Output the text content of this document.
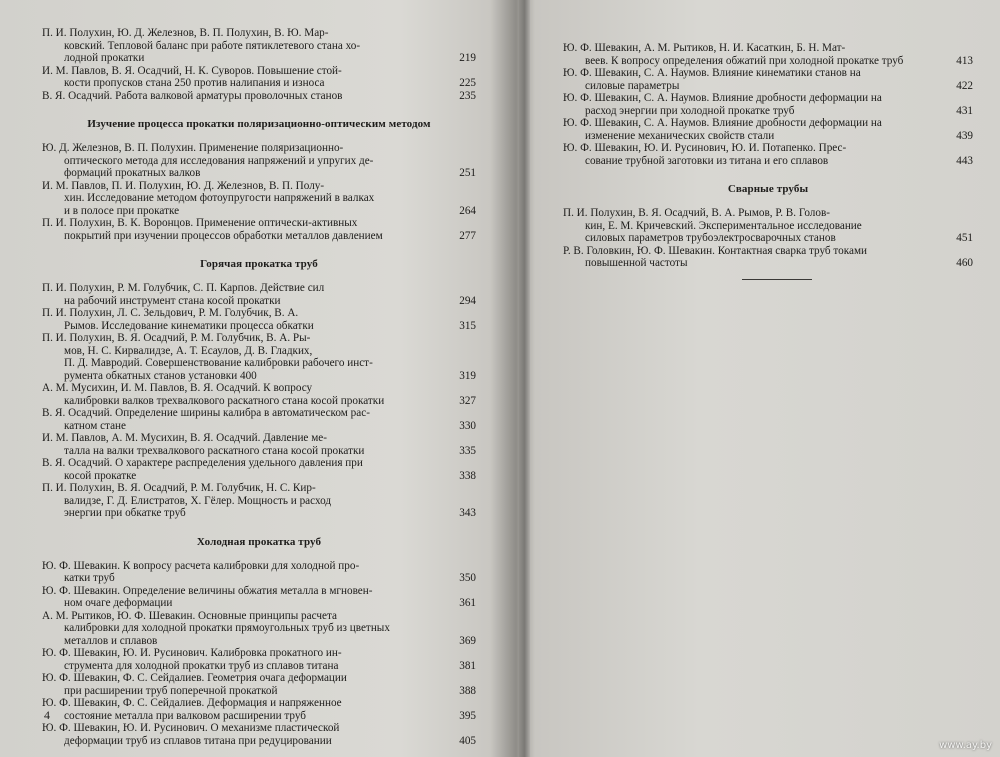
П. И. Полухин, Ю. Д. Железнов, В. П. Полухин, В. Ю. Мар-
ковский. Тепловой баланс при работе пятиклетевого стана хо-
лодной прокатки	219
И. М. Павлов, В. Я. Осадчий, Н. К. Суворов. Повышение стой-
кости пропусков стана 250 против налипания и износа	225
В. Я. Осадчий. Работа валковой арматуры проволочных станов	235
Изучение процесса прокатки поляризационно-оптическим методом
Ю. Д. Железнов, В. П. Полухин. Применение поляризационно-
оптического метода для исследования напряжений и упругих де-
формаций прокатных валков	251
И. М. Павлов, П. И. Полухин, Ю. Д. Железнов, В. П. Полу-
хин. Исследование методом фотоупругости напряжений в валках
и в полосе при прокатке	264
П. И. Полухин, В. К. Воронцов. Применение оптически-активных
покрытий при изучении процессов обработки металлов давлением	277
Горячая прокатка труб
П. И. Полухин, Р. М. Голубчик, С. П. Карпов. Действие сил
на рабочий инструмент стана косой прокатки	294
П. И. Полухин, Л. С. Зельдович, Р. М. Голубчик, В. А.
Рымов. Исследование кинематики процесса обкатки	315
П. И. Полухин, В. Я. Осадчий, Р. М. Голубчик, В. А. Ры-
мов, Н. С. Кирвалидзе, А. Т. Есаулов, Д. В. Гладких,
П. Д. Мавродий. Совершенствование калибровки рабочего инст-
румента обкатных станов установки 400	319
А. М. Мусихин, И. М. Павлов, В. Я. Осадчий. К вопросу
калибровки валков трехвалкового раскатного стана косой прокатки	327
В. Я. Осадчий. Определение ширины калибра в автоматическом рас-
катном стане	330
И. М. Павлов, А. М. Мусихин, В. Я. Осадчий. Давление ме-
талла на валки трехвалкового раскатного стана косой прокатки	335
В. Я. Осадчий. О характере распределения удельного давления при
косой прокатке	338
П. И. Полухин, В. Я. Осадчий, Р. М. Голубчик, Н. С. Кир-
валидзе, Г. Д. Елистратов, Х. Гёлер. Мощность и расход
энергии при обкатке труб	343
Холодная прокатка труб
Ю. Ф. Шевакин. К вопросу расчета калибровки для холодной про-
катки труб	350
Ю. Ф. Шевакин. Определение величины обжатия металла в мгновен-
ном очаге деформации	361
А. М. Рытиков, Ю. Ф. Шевакин. Основные принципы расчета
калибровки для холодной прокатки прямоугольных труб из цветных
металлов и сплавов	369
Ю. Ф. Шевакин, Ю. И. Русинович. Калибровка прокатного ин-
струмента для холодной прокатки труб из сплавов титана	381
Ю. Ф. Шевакин, Ф. С. Сейдалиев. Геометрия очага деформации
при расширении труб поперечной прокаткой	388
Ю. Ф. Шевакин, Ф. С. Сейдалиев. Деформация и напряженное
состояние металла при валковом расширении труб	395
Ю. Ф. Шевакин, Ю. И. Русинович. О механизме пластической
деформации труб из сплавов титана при редуцировании	405
4
Ю. Ф. Шевакин, А. М. Рытиков, Н. И. Касаткин, Б. Н. Мат-
веев. К вопросу определения обжатий при холодной прокатке труб	413
Ю. Ф. Шевакин, С. А. Наумов. Влияние кинематики станов на
силовые параметры	422
Ю. Ф. Шевакин, С. А. Наумов. Влияние дробности деформации на
расход энергии при холодной прокатке труб	431
Ю. Ф. Шевакин, С. А. Наумов. Влияние дробности деформации на
изменение механических свойств стали	439
Ю. Ф. Шевакин, Ю. И. Русинович, Ю. И. Потапенко. Прес-
сование трубной заготовки из титана и его сплавов	443
Сварные трубы
П. И. Полухин, В. Я. Осадчий, В. А. Рымов, Р. В. Голов-
кин, Е. М. Кричевский. Экспериментальное исследование
силовых параметров трубоэлектросварочных станов	451
Р. В. Головкин, Ю. Ф. Шевакин. Контактная сварка труб токами
повышенной частоты	460
www.ay.by
